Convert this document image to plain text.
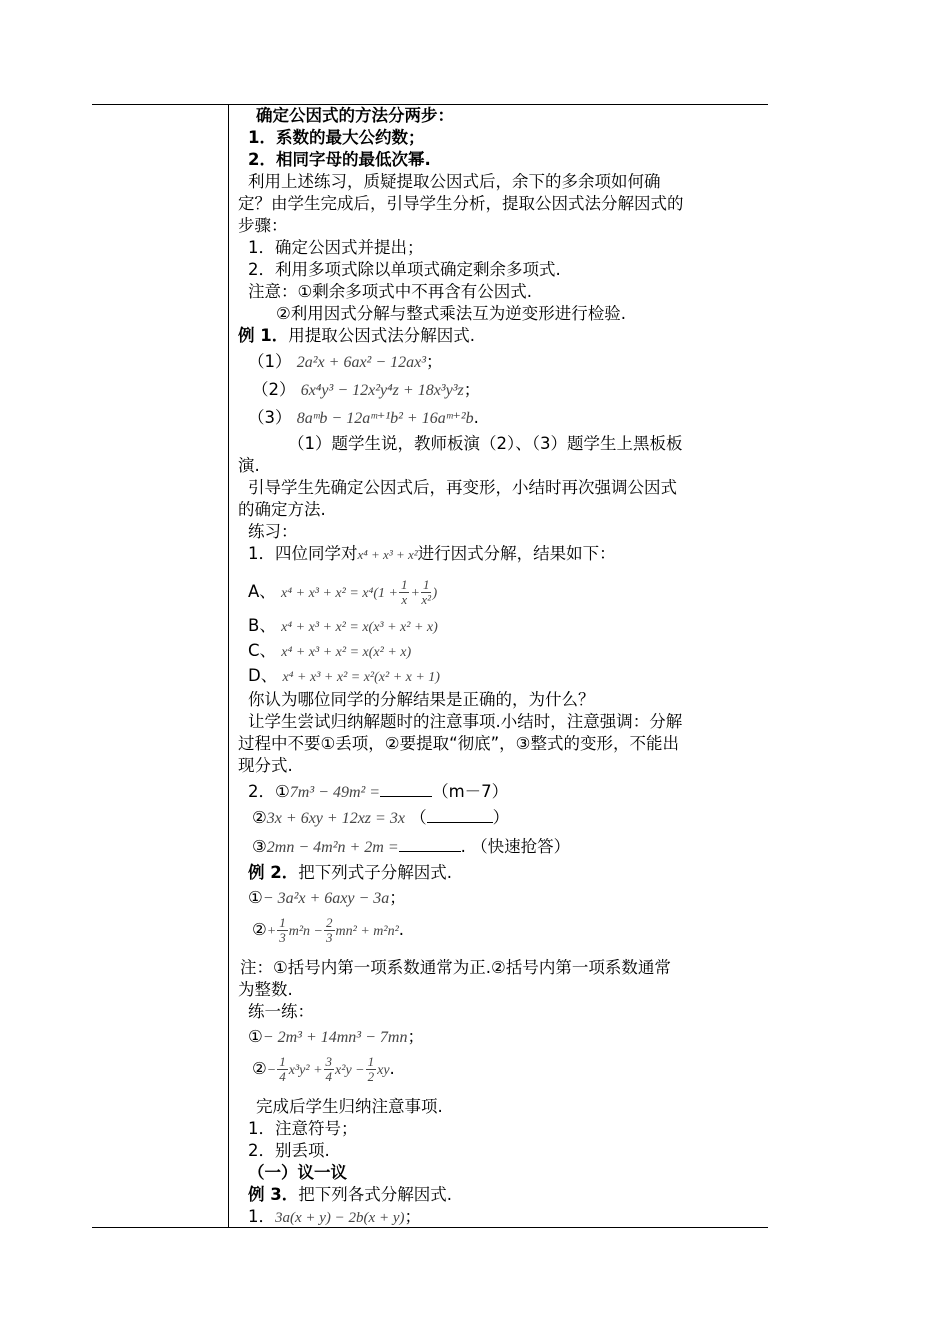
确定公因式的方法分两步：
1．系数的最大公约数；
2．相同字母的最低次幂.
利用上述练习，质疑提取公因式后，余下的多余项如何确
定？由学生完成后，引导学生分析，提取公因式法分解因式的
步骤：
1．确定公因式并提出；
2．利用多项式除以单项式确定剩余多项式.
注意：①剩余多项式中不再含有公因式.
②利用因式分解与整式乘法互为逆变形进行检验.
例 1．用提取公因式法分解因式.
（1） 2a²x + 6ax² − 12ax³；
（2） 6x⁴y³ − 12x²y⁴z + 18x³y³z；
（3） 8aᵐb − 12aᵐ⁺¹b² + 16aᵐ⁺²b.
（1）题学生说，教师板演（2）、（3）题学生上黑板板
演.
引导学生先确定公因式后，再变形，小结时再次强调公因式
的确定方法.
练习：
1．四位同学对x⁴ + x³ + x²进行因式分解，结果如下：
A、 $x^4 + x^3 + x^2 = x^4(1 + \frac{1}{x} + \frac{1}{\text{x²}}$ )
B、 x⁴ + x³ + x² = x(x³ + x² + x)
C、 x⁴ + x³ + x² = x(x² + x)
D、 x⁴ + x³ + x² = x²(x² + x + 1)
你认为哪位同学的分解结果是正确的，为什么？
让学生尝试归纳解题时的注意事项.小结时，注意强调：分解
过程中不要①丢项，②要提取“彻底”，③整式的变形，不能出
现分式.
2．①7m³ − 49m² =	（m－7）
②3x + 6xy + 12xz = 3x （	）
③2mn − 4m²n + 2m =	. （快速抢答）
例 2．把下列式子分解因式.
①− 3a²x + 6axy − 3a；
②+ $\frac{1}{3} m^2n - \frac{2}{3} mn^2 + m^2n^2$.
注：①括号内第一项系数通常为正.②括号内第一项系数通常
为整数.
练一练：
①− 2m³ + 14mn³ − 7mn；
②− $\frac{1}{4} x^3y^2 + \frac{3}{4} x^2y - \frac{1}{2}$ xy.
完成后学生归纳注意事项.
1．注意符号；
2．别丢项.
（一）议一议
例 3．把下列各式分解因式.
1．3a(x + y) − 2b(x + y)；
